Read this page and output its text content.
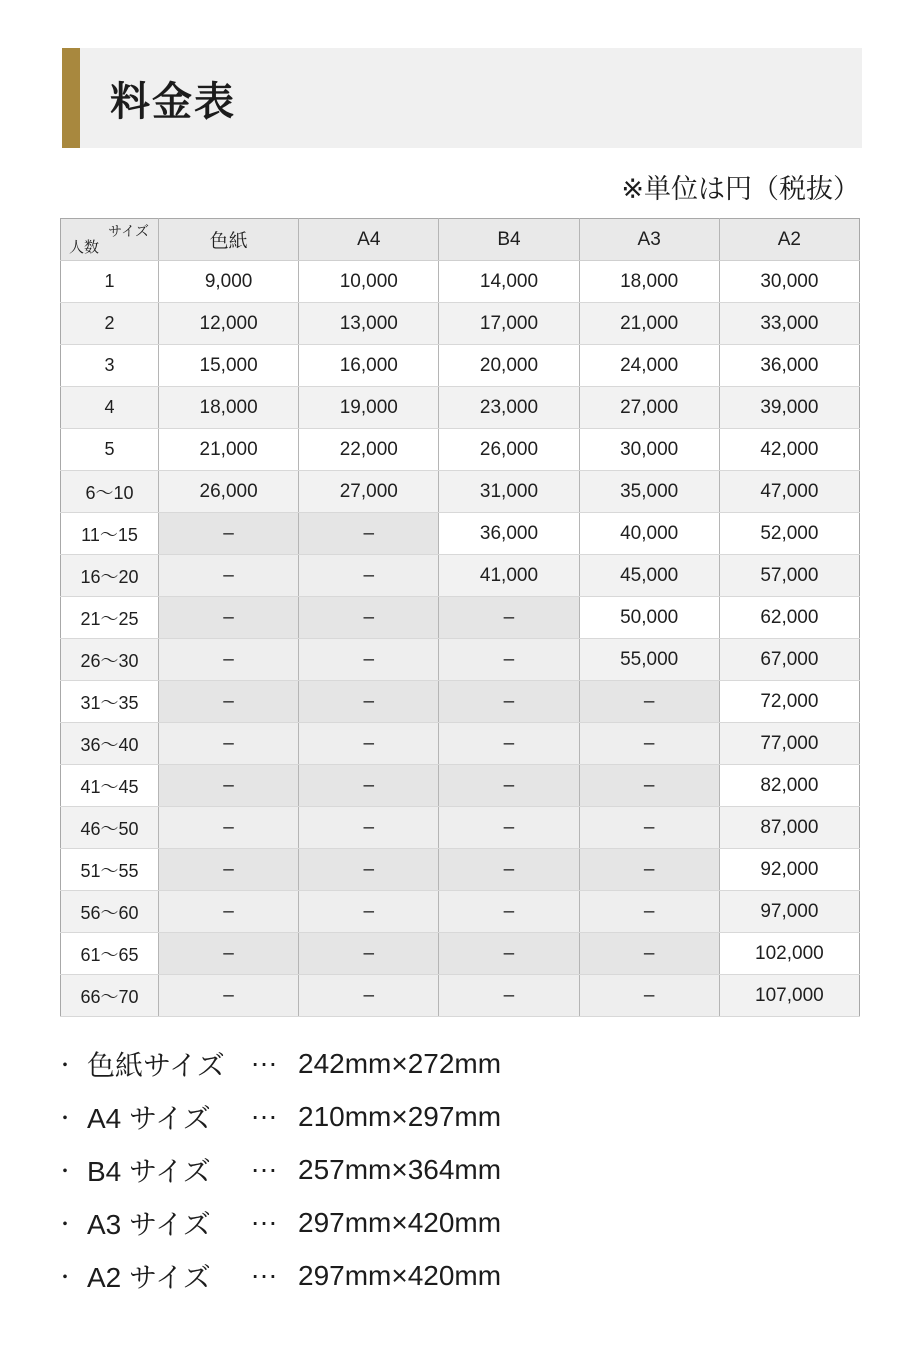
料金表
※単位は円（税抜）
サイズ
人数	色紙	A4	B4	A3	A2
1	9,000	10,000	14,000	18,000	30,000
2	12,000	13,000	17,000	21,000	33,000
3	15,000	16,000	20,000	24,000	36,000
4	18,000	19,000	23,000	27,000	39,000
5	21,000	22,000	26,000	30,000	42,000
6〜10	26,000	27,000	31,000	35,000	47,000
11〜15	–	–	36,000	40,000	52,000
16〜20	–	–	41,000	45,000	57,000
21〜25	–	–	–	50,000	62,000
26〜30	–	–	–	55,000	67,000
31〜35	–	–	–	–	72,000
36〜40	–	–	–	–	77,000
41〜45	–	–	–	–	82,000
46〜50	–	–	–	–	87,000
51〜55	–	–	–	–	92,000
56〜60	–	–	–	–	97,000
61〜65	–	–	–	–	102,000
66〜70	–	–	–	–	107,000
・ 色紙サイズ … 242mm×272mm
・ A4 サイズ	… 210mm×297mm
・ B4 サイズ	… 257mm×364mm
・ A3 サイズ	… 297mm×420mm
・ A2 サイズ	… 297mm×420mm
